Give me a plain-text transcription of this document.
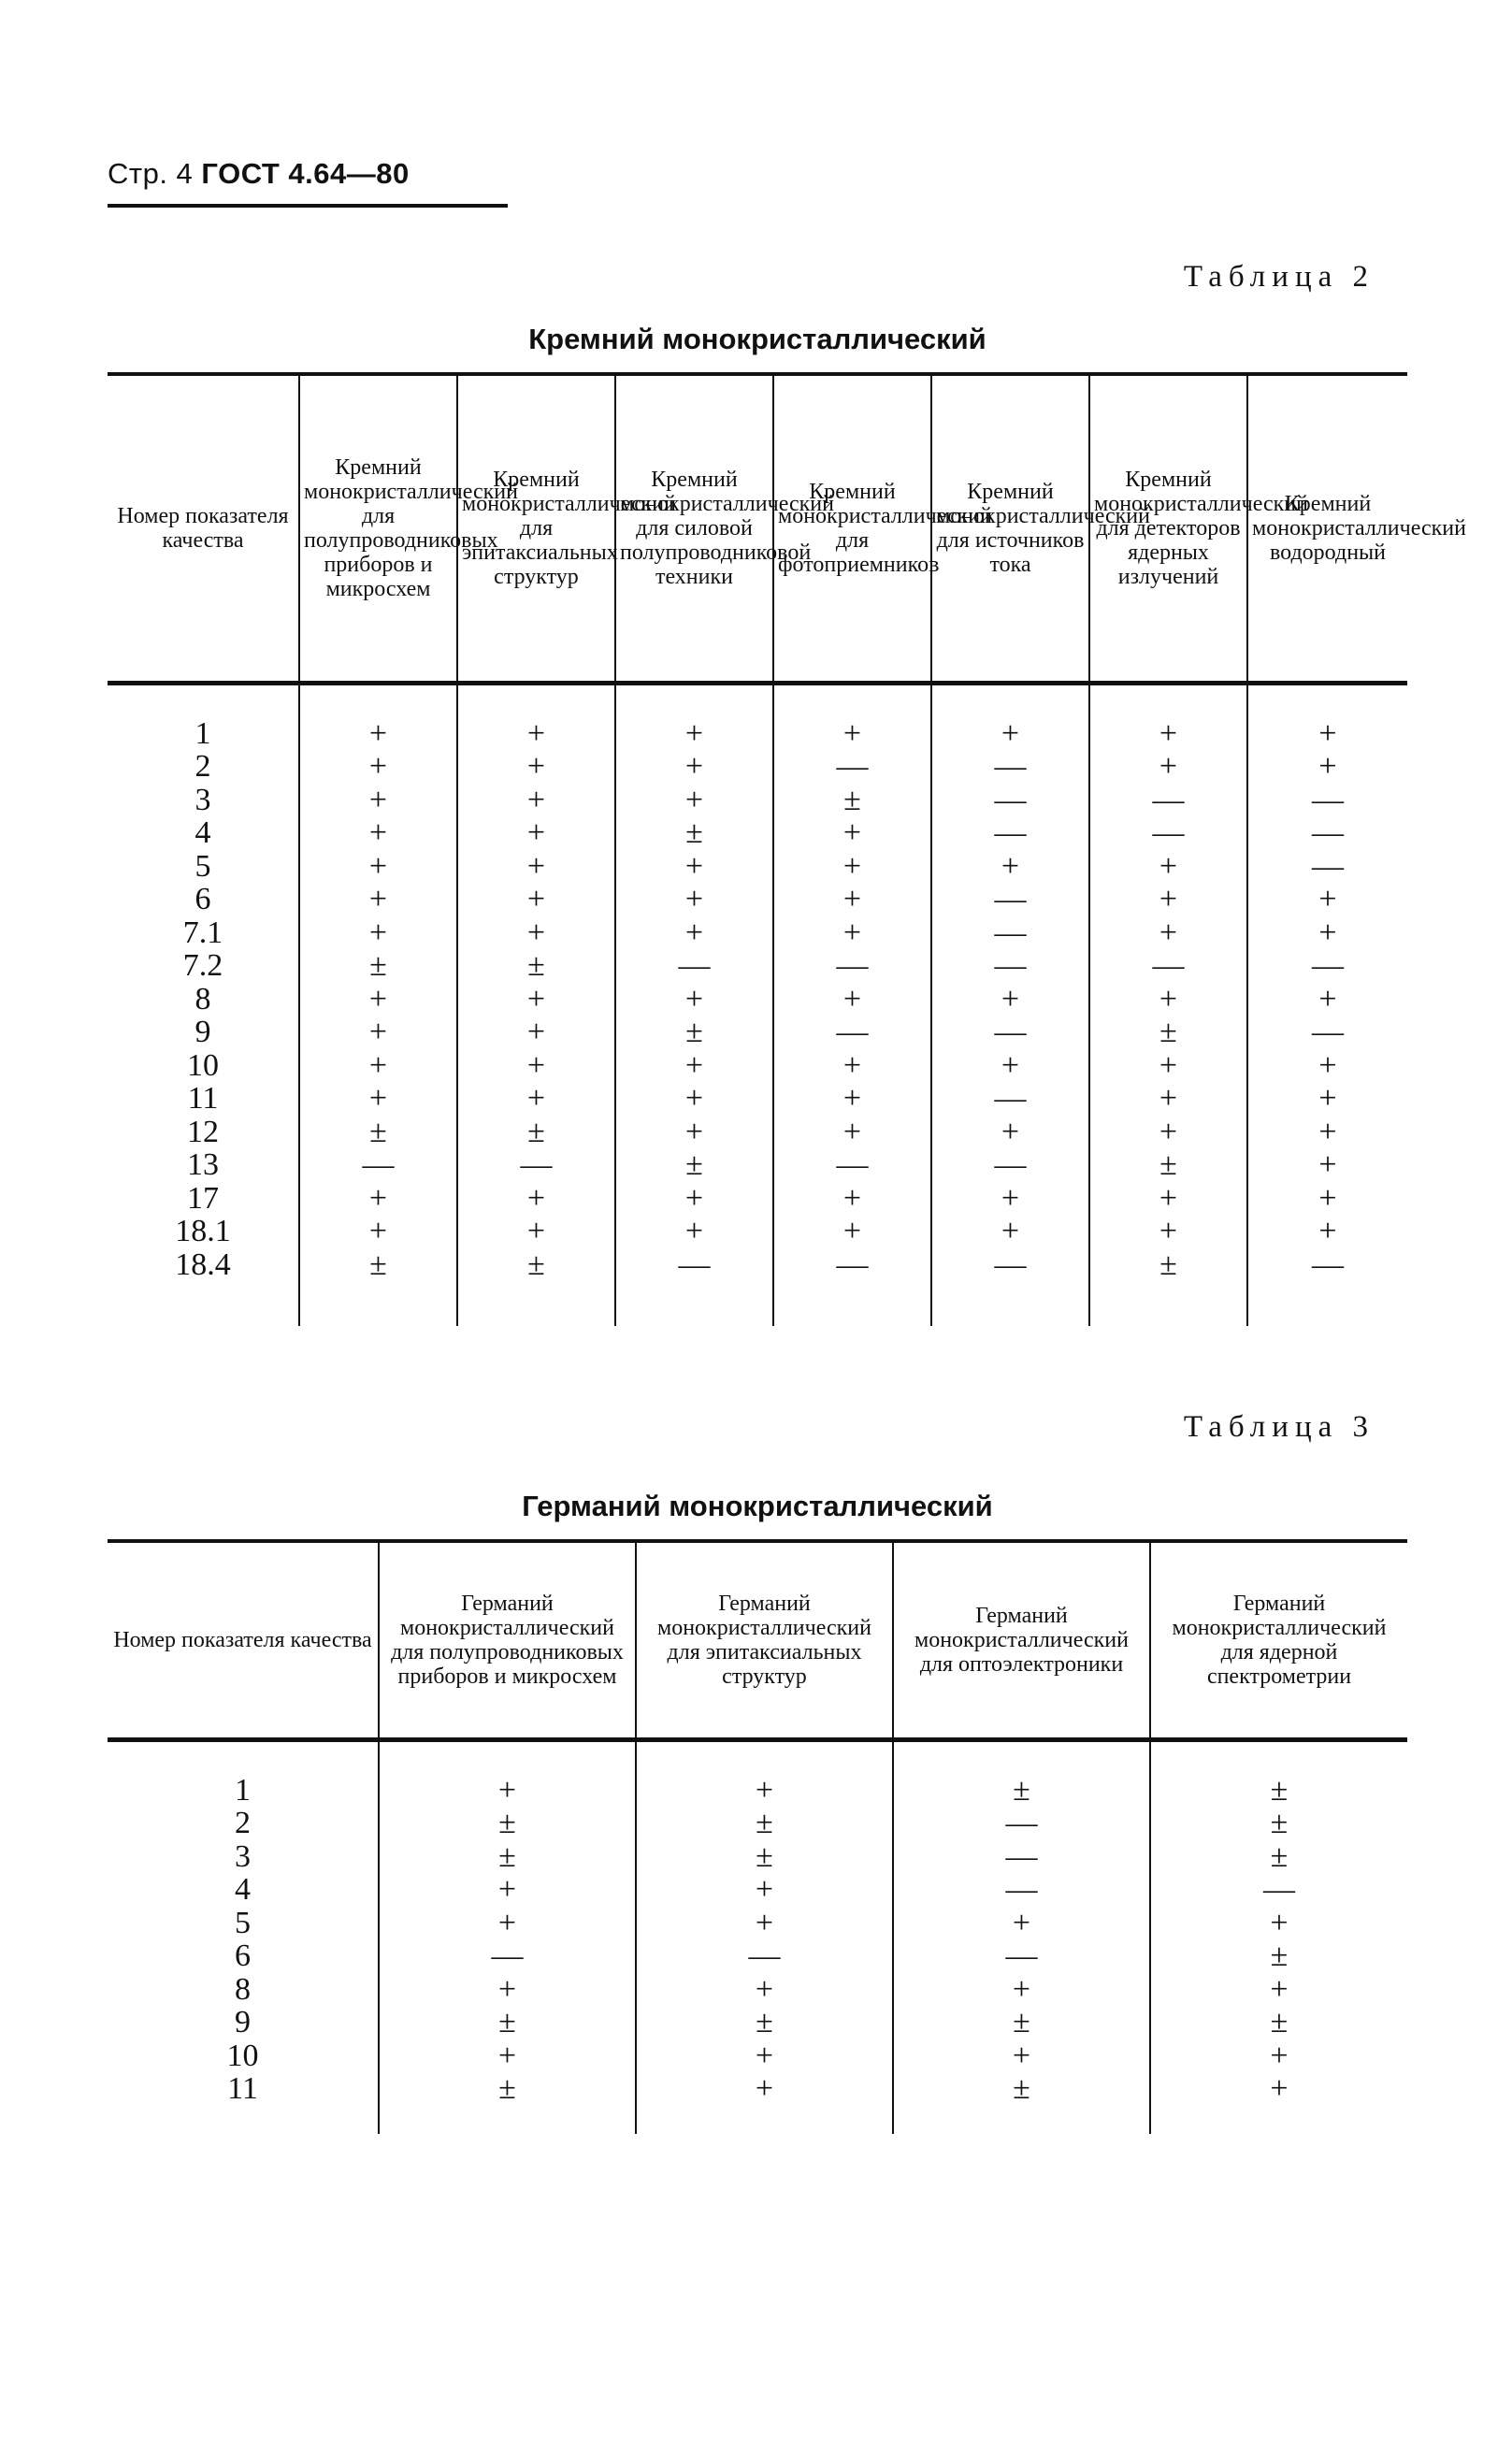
Стр. 4 ГОСТ 4.64—80
Таблица 2
Кремний монокристаллический
Номер показателя качества	Кремний монокристаллический для полупроводниковых приборов и микросхем	Кремний монокристаллический для эпитаксиальных структур	Кремний монокристаллический для силовой полупроводниковой техники	Кремний монокристаллический для фотоприемников	Кремний монокристаллический для источников тока	Кремний монокристаллический для детекторов ядерных излучений	Кремний монокристаллический водородный
1	+	+	+	+	+	+	+
2	+	+	+	—	—	+	+
3	+	+	+	±	—	—	—
4	+	+	±	+	—	—	—
5	+	+	+	+	+	+	—
6	+	+	+	+	—	+	+
7.1	+	+	+	+	—	+	+
7.2	±	±	—	—	—	—	—
8	+	+	+	+	+	+	+
9	+	+	±	—	—	±	—
10	+	+	+	+	+	+	+
11	+	+	+	+	—	+	+
12	±	±	+	+	+	+	+
13	—	—	±	—	—	±	+
17	+	+	+	+	+	+	+
18.1	+	+	+	+	+	+	+
18.4	±	±	—	—	—	±	—

Таблица 3
Германий монокристаллический
Номер показателя качества	Германий монокристаллический для полупроводниковых приборов и микросхем	Германий монокристаллический для эпитаксиальных структур	Германий монокристаллический для оптоэлектроники	Германий монокристаллический для ядерной спектрометрии
1	+	+	±	±
2	±	±	—	±
3	±	±	—	±
4	+	+	—	—
5	+	+	+	+
6	—	—	—	±
8	+	+	+	+
9	±	±	±	±
10	+	+	+	+
11	±	+	±	+
